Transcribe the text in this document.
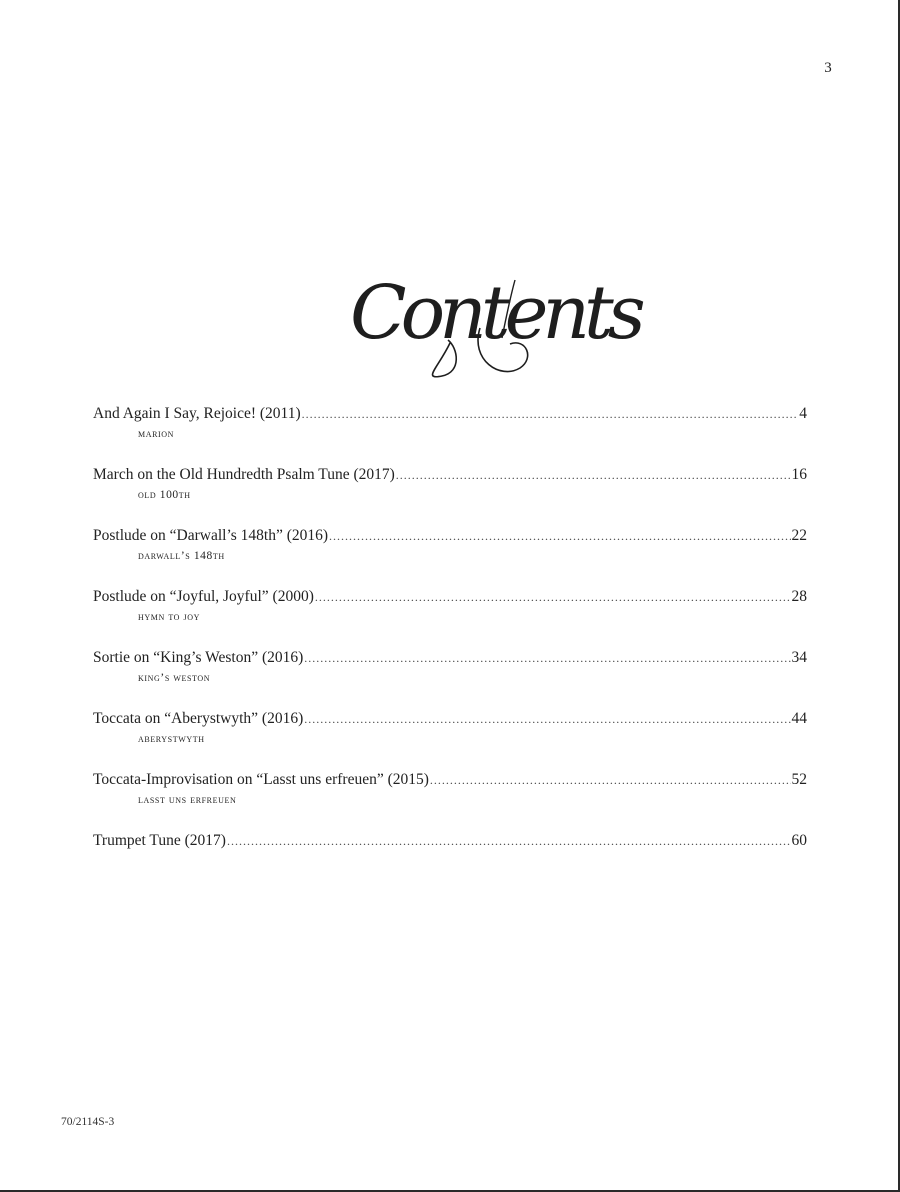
3
Contents
And Again I Say, Rejoice! (2011) .....	4
marion
March on the Old Hundredth Psalm Tune (2017) .....	16
old 100th
Postlude on “Darwall’s 148th” (2016) .....	22
darwall’s 148th
Postlude on “Joyful, Joyful” (2000) .....	28
hymn to joy
Sortie on “King’s Weston” (2016) .....	34
king’s weston
Toccata on “Aberystwyth” (2016) .....	44
aberystwyth
Toccata-Improvisation on “Lasst uns erfreuen” (2015) .....	52
lasst uns erfreuen
Trumpet Tune (2017) .....	60
70/2114S-3
